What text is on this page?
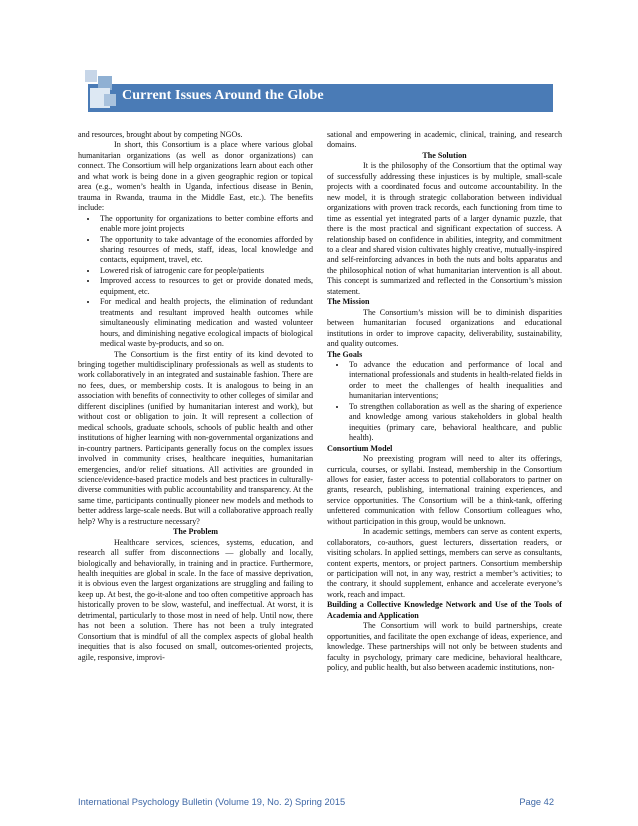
Current Issues Around the Globe

and resources, brought about by competing NGOs.

In short, this Consortium is a place where various global humanitarian organizations (as well as donor organizations) can connect. The Consortium will help organizations learn about each other and what work is being done in a given geographic region or topical area (e.g., women’s health in Uganda, infectious disease in Benin, trauma in Rwanda, trauma in the Middle East, etc.). The benefits include:

• The opportunity for organizations to better combine efforts and enable more joint projects
• The opportunity to take advantage of the economies afforded by sharing resources of meds, staff, ideas, local knowledge and contacts, equipment, travel, etc.
• Lowered risk of iatrogenic care for people/patients
• Improved access to resources to get or provide donated meds, equipment, etc.
• For medical and health projects, the elimination of redundant treatments and resultant improved health outcomes while simultaneously eliminating medication and wasted volunteer hours, and diminishing negative ecological impacts of biological medical waste by-products, and so on.

The Consortium is the first entity of its kind devoted to bringing together multidisciplinary professionals as well as students to work collaboratively in an integrated and sustainable fashion. There are no fees, dues, or membership costs. It is analogous to being in an association with benefits of connectivity to other colleges of similar and different disciplines (unified by humanitarian interest and work), but without cost or obligation to join. It will represent a collection of medical schools, graduate schools, schools of public health and other institutions of higher learning with non-governmental organizations and in-country partners. Participants generally focus on the complex issues involved in community crises, healthcare inequities, humanitarian emergencies, and/or relief situations. All activities are grounded in science/evidence-based practice models and best practices in culturally-diverse communities with public accountability and transparency. At the same time, participants continually pioneer new models and methods to better address large-scale needs. But will a collaborative approach really help? Why is a restructure necessary?

The Problem

Healthcare services, sciences, systems, education, and research all suffer from disconnections — globally and locally, biologically and behaviorally, in training and in practice. Furthermore, health inequities are global in scale. In the face of massive deprivation, it is obvious even the largest organizations are struggling and failing to keep up. At best, the go-it-alone and too often competitive approach has historically proven to be slow, wasteful, and ineffectual. At worst, it is detrimental, particularly to those most in need of help. Until now, there has not been a solution. There has not been a truly integrated Consortium that is mindful of all the complex aspects of global health inequities that is also focused on small, outcomes-oriented projects, agile, responsive, improvi-

sational and empowering in academic, clinical, training, and research domains.

The Solution

It is the philosophy of the Consortium that the optimal way of successfully addressing these injustices is by multiple, small-scale projects with a coordinated focus and outcome accountability. In the new model, it is through strategic collaboration between individual organizations with proven track records, each functioning from time to time as essential yet integrated parts of a larger dynamic puzzle, that there is the most practical and significant expectation of success. A relationship based on confidence in abilities, integrity, and commitment to a clear and shared vision cultivates highly creative, mutually-inspired and self-reinforcing advances in both the nuts and bolts apparatus and the philosophical notion of what humanitarian intervention is all about. This concept is summarized and reflected in the Consortium’s mission statement.

The Mission

The Consortium’s mission will be to diminish disparities between humanitarian focused organizations and educational institutions in order to improve capacity, deliverability, sustainability, and quality outcomes.

The Goals
• To advance the education and performance of local and international professionals and students in health-related fields in order to meet the challenges of health inequalities and humanitarian interventions;
• To strengthen collaboration as well as the sharing of experience and knowledge among various stakeholders in global health inequities (primary care, behavioral healthcare, and public health).
Consortium Model

No preexisting program will need to alter its offerings, curricula, courses, or syllabi. Instead, membership in the Consortium allows for easier, faster access to potential collaborators to partner on grants, research, publishing, international training experiences, and service opportunities. The Consortium will be a think-tank, offering unfettered communication with fellow Consortium colleagues who, without participation in this group, would be unknown.

In academic settings, members can serve as content experts, collaborators, co-authors, guest lecturers, dissertation readers, or visiting scholars. In applied settings, members can serve as consultants, content experts, mentors, or project partners. Consortium membership or participation will not, in any way, restrict a member’s activities; to the contrary, it should supplement, enhance and accelerate everyone’s work, reach and impact.

Building a Collective Knowledge Network and Use of the Tools of Academia and Application

The Consortium will work to build partnerships, create opportunities, and facilitate the open exchange of ideas, experience, and knowledge. These partnerships will not only be between students and faculty in psychology, primary care medicine, behavioral healthcare, policy, and public health, but also between academic institutions, non-

International Psychology Bulletin (Volume 19, No. 2) Spring 2015	Page 42
